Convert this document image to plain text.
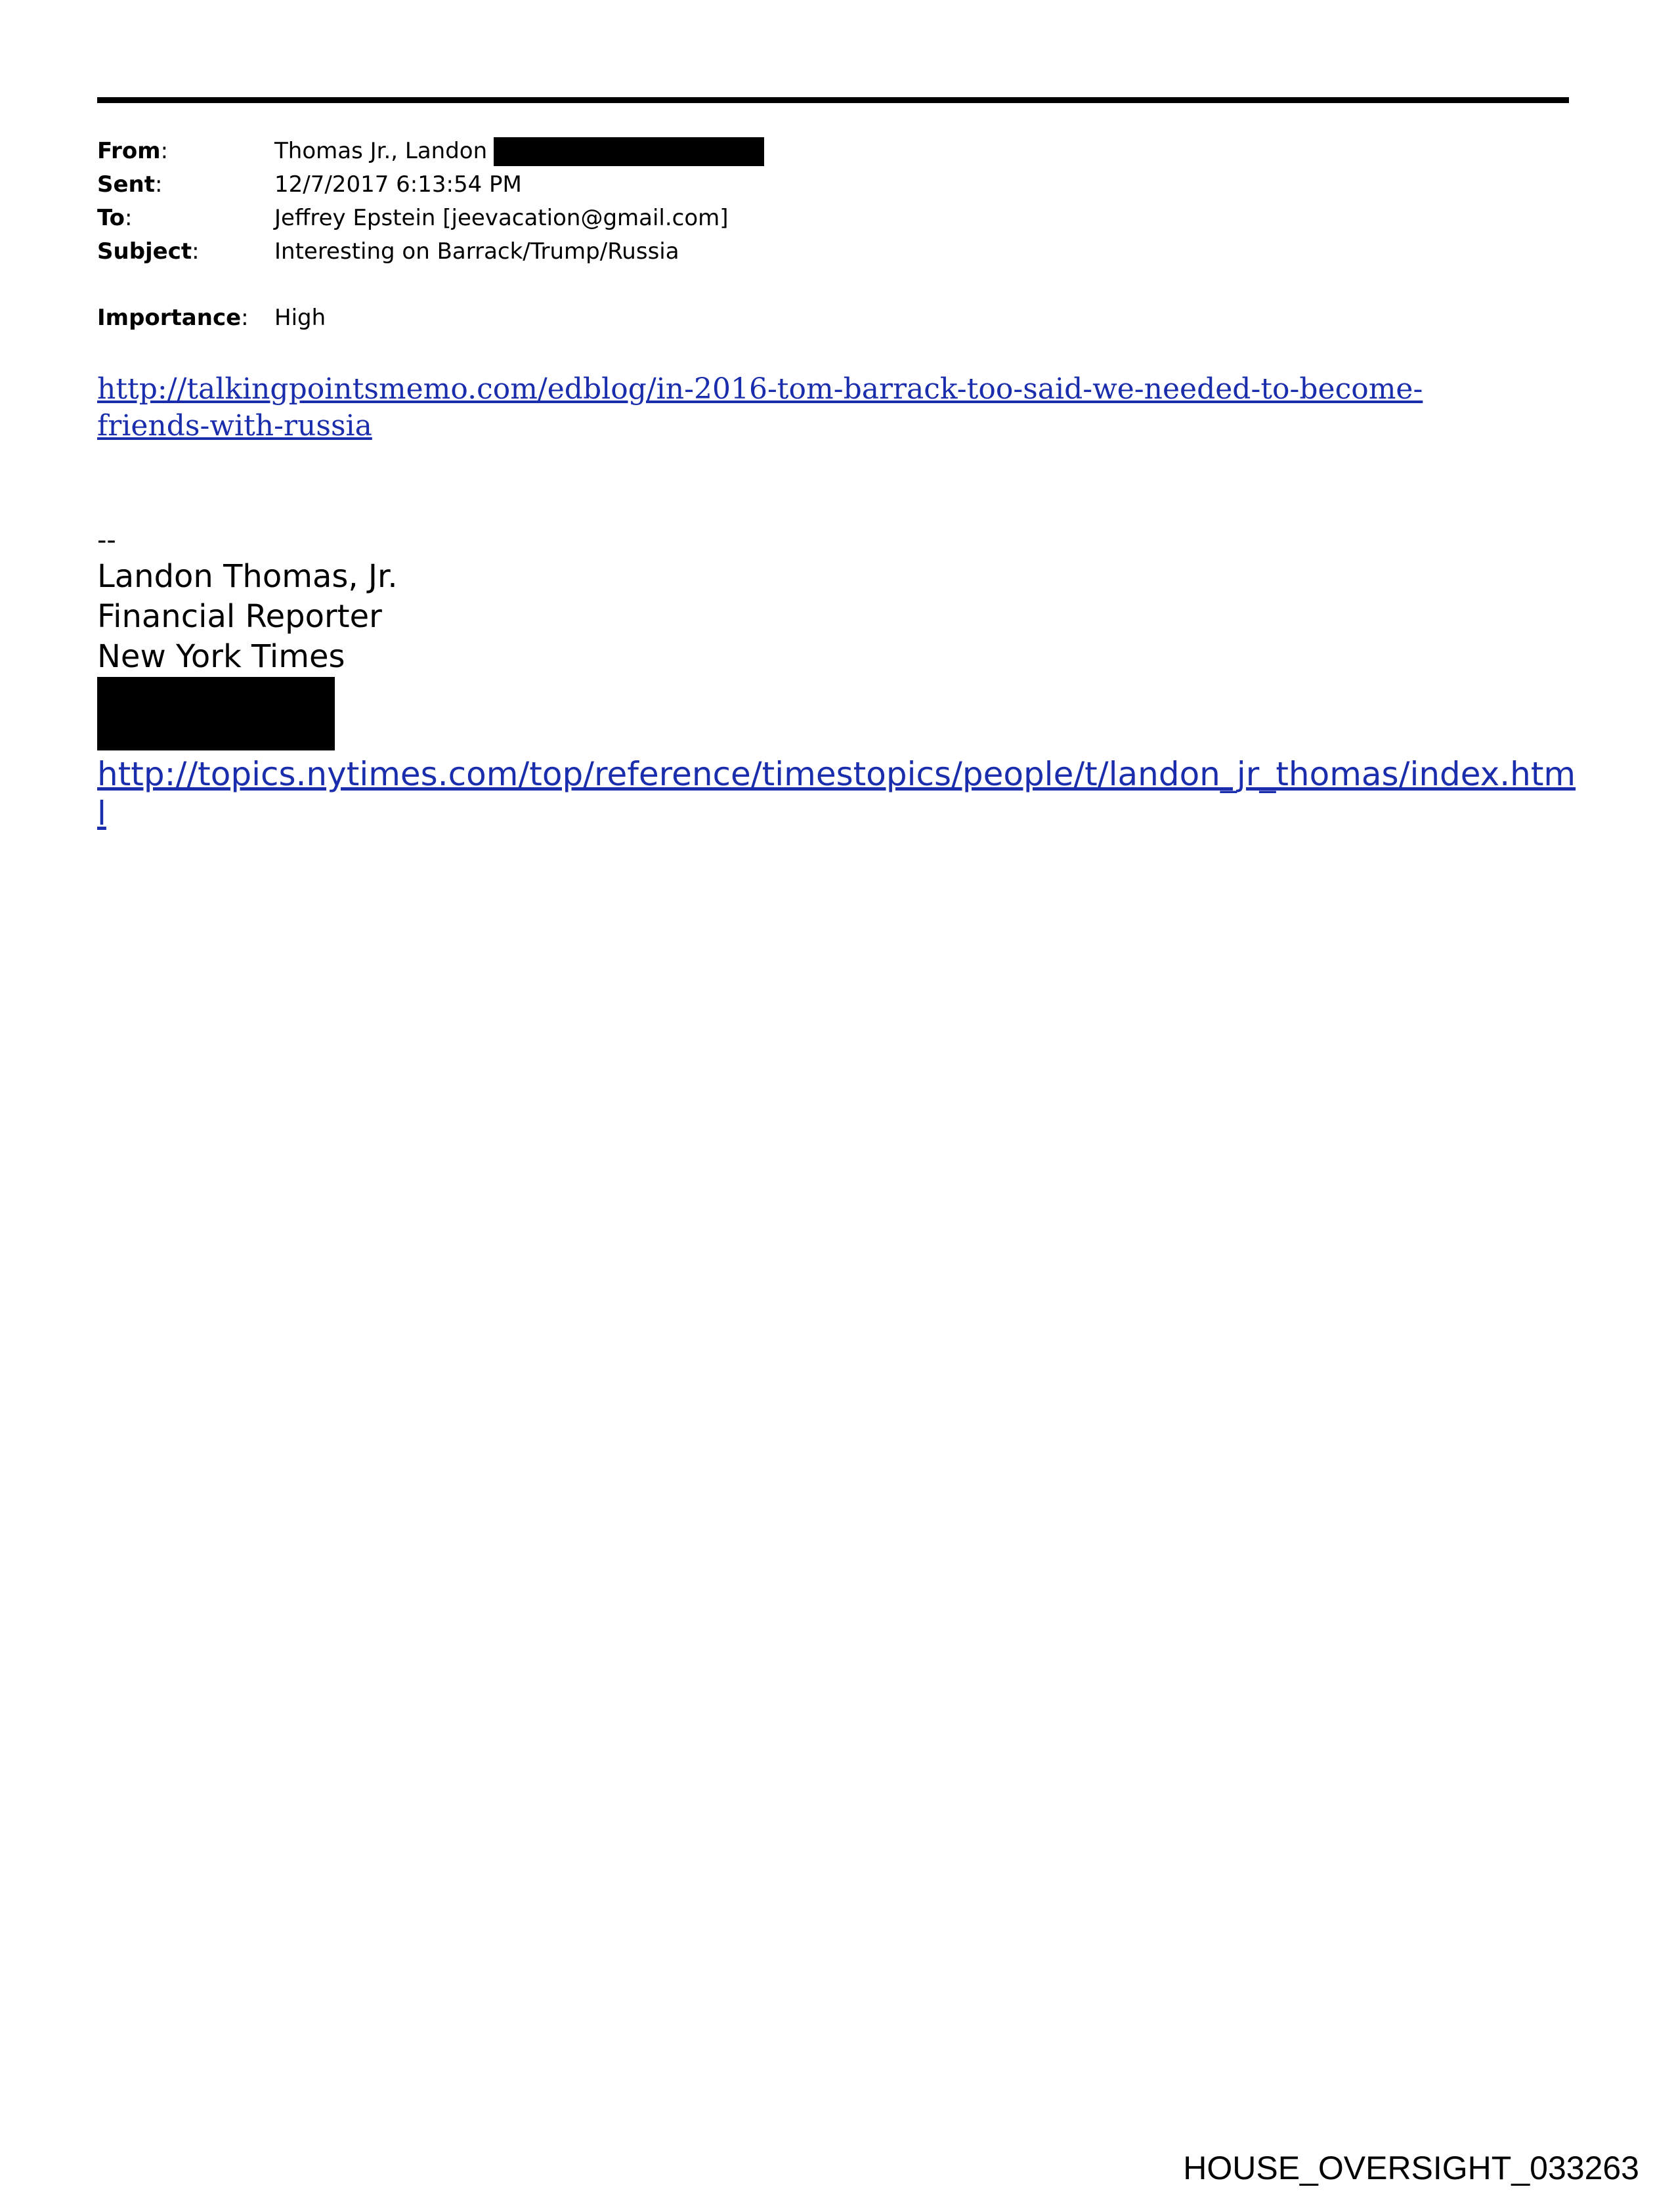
From:	Thomas Jr., Landon
Sent:	12/7/2017 6:13:54 PM
To:	Jeffrey Epstein [jeevacation@gmail.com]
Subject:	Interesting on Barrack/Trump/Russia
Importance: High
http://talkingpointsmemo.com/edblog/in-2016-tom-barrack-too-said-we-needed-to-become-
friends-with-russia
--
Landon Thomas, Jr.
Financial Reporter
New York Times
http://topics.nytimes.com/top/reference/timestopics/people/t/landon_jr_thomas/index.html
HOUSE_OVERSIGHT_033263
